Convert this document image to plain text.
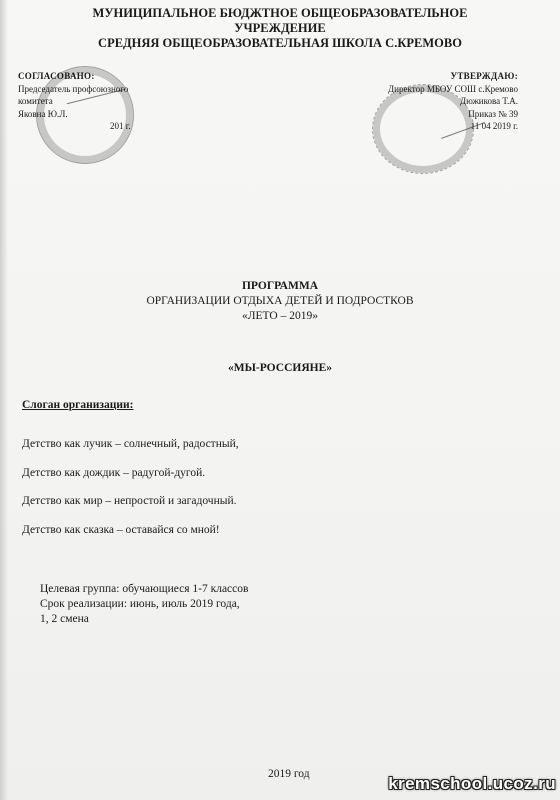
МУНИЦИПАЛЬНОЕ БЮДЖТНОЕ ОБЩЕОБРАЗОВАТЕЛЬНОЕ
УЧРЕЖДЕНИЕ
СРЕДНЯЯ ОБЩЕОБРАЗОВАТЕЛЬНАЯ ШКОЛА С.КРЕМОВО
СОГЛАСОВАНО:
Председатель профсоюзного
комитета
Яковна Ю.Л.
201 г.
УТВЕРЖДАЮ:
Директор МБОУ СОШ с.Кремово
Дюжикова Т.А.
Приказ № 39
11 04 2019 г.
ПРОГРАММА
ОРГАНИЗАЦИИ ОТДЫХА ДЕТЕЙ И ПОДРОСТКОВ
«ЛЕТО – 2019»
«МЫ-РОССИЯНЕ»
Слоган организации:
Детство как лучик – солнечный, радостный,
Детство как дождик – радугой-дугой.
Детство как мир – непростой и загадочный.
Детство как сказка – оставайся со мной!
Целевая группа: обучающиеся 1-7 классов
Срок реализации: июнь, июль 2019 года,
1, 2 смена
2019 год	kremschool.ucoz.ru
